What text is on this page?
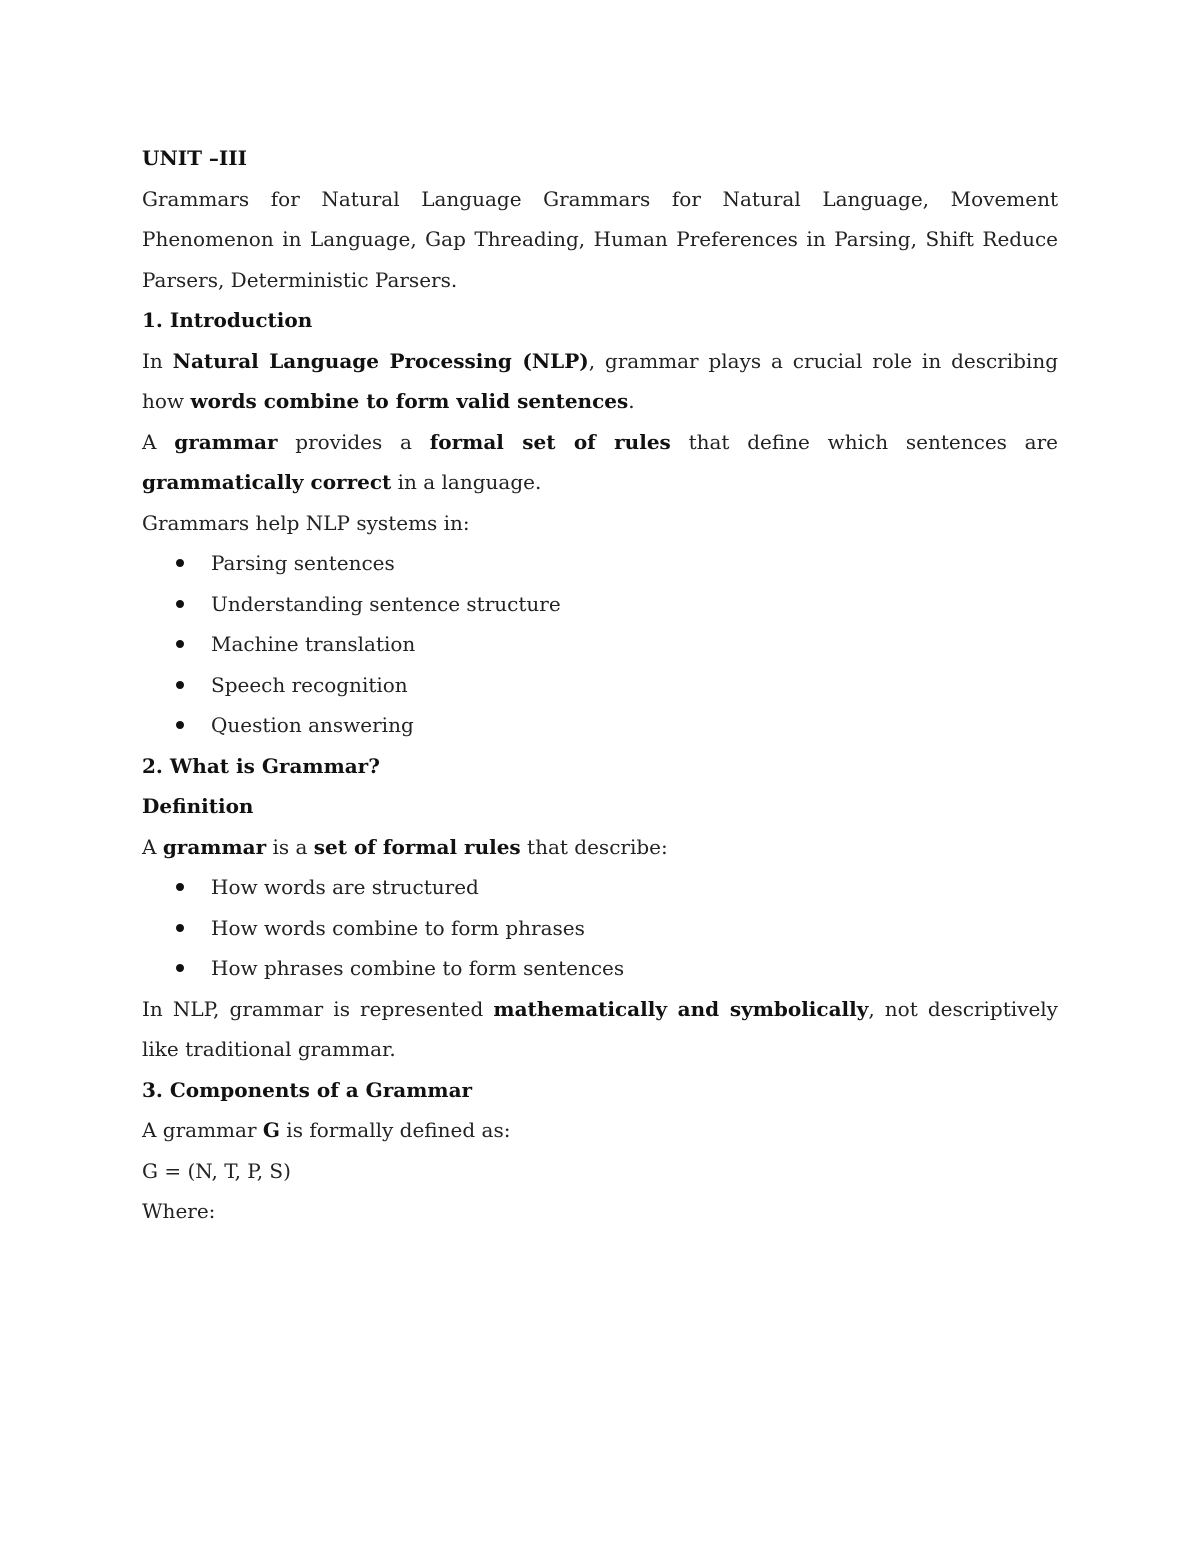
UNIT –III

Grammars for Natural Language Grammars for Natural Language, Movement Phenomenon in Language, Gap Threading, Human Preferences in Parsing, Shift Reduce Parsers, Deterministic Parsers.

1. Introduction

In Natural Language Processing (NLP), grammar plays a crucial role in describing how words combine to form valid sentences.

A grammar provides a formal set of rules that define which sentences are grammatically correct in a language.

Grammars help NLP systems in:

Parsing sentences
Understanding sentence structure
Machine translation
Speech recognition
Question answering

2. What is Grammar?

Definition

A grammar is a set of formal rules that describe:

How words are structured
How words combine to form phrases
How phrases combine to form sentences

In NLP, grammar is represented mathematically and symbolically, not descriptively like traditional grammar.

3. Components of a Grammar

A grammar G is formally defined as:

G = (N, T, P, S)

Where:
